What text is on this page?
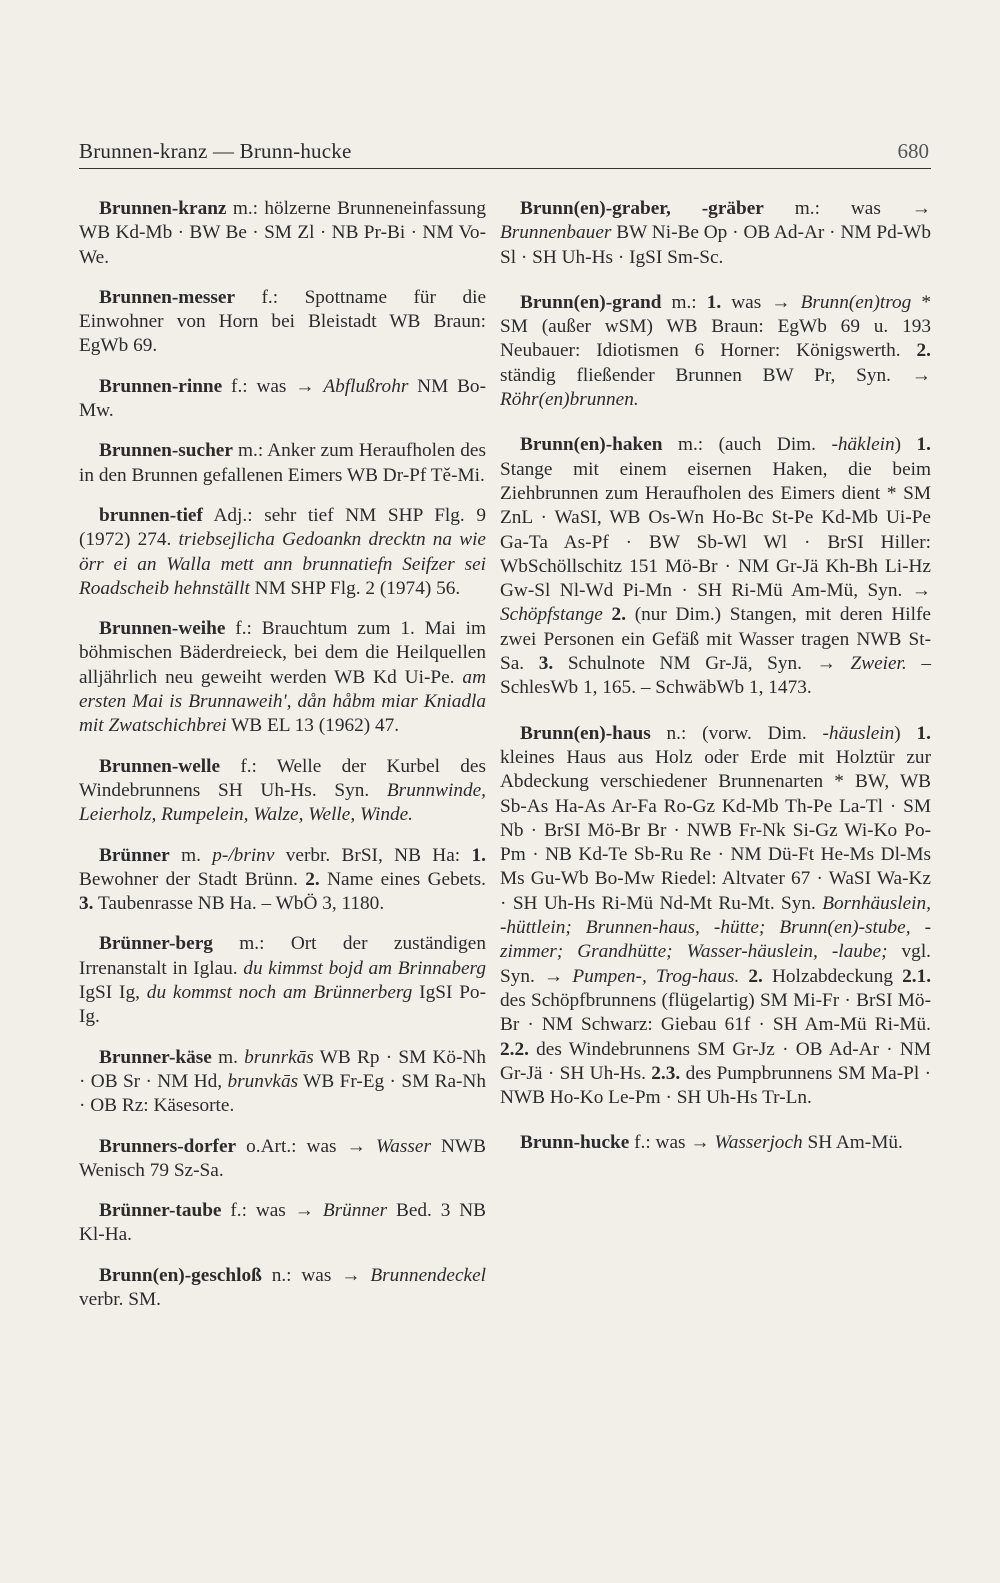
Brunnen-kranz — Brunn-hucke	680

Brunnen-kranz m.: hölzerne Brunneneinfassung WB Kd-Mb · BW Be · SM Zl · NB Pr-Bi · NM Vo-We.

Brunnen-messer f.: Spottname für die Einwohner von Horn bei Bleistadt WB Braun: EgWb 69.

Brunnen-rinne f.: was → Abflußrohr NM Bo-Mw.

Brunnen-sucher m.: Anker zum Heraufholen des in den Brunnen gefallenen Eimers WB Dr-Pf Tě-Mi.

brunnen-tief Adj.: sehr tief NM SHP Flg. 9 (1972) 274. triebsejlicha Gedoankn drecktn na wie örr ei an Walla mett ann brunnatiefn Seifzer sei Roadscheib hehnställt NM SHP Flg. 2 (1974) 56.

Brunnen-weihe f.: Brauchtum zum 1. Mai im böhmischen Bäderdreieck, bei dem die Heilquellen alljährlich neu geweiht werden WB Kd Ui-Pe. am ersten Mai is Brunnaweih', dån håbm miar Kniadla mit Zwatschichbrei WB EL 13 (1962) 47.

Brunnen-welle f.: Welle der Kurbel des Windebrunnens SH Uh-Hs. Syn. Brunnwinde, Leierholz, Rumpelein, Walze, Welle, Winde.

Brünner m. p-/brinv verbr. BrSI, NB Ha: 1. Bewohner der Stadt Brünn. 2. Name eines Gebets. 3. Taubenrasse NB Ha. – WbÖ 3, 1180.

Brünner-berg m.: Ort der zuständigen Irrenanstalt in Iglau. du kimmst bojd am Brinnaberg IgSI Ig, du kommst noch am Brünnerberg IgSI Po-Ig.

Brunner-käse m. brunrkās WB Rp · SM Kö-Nh · OB Sr · NM Hd, brunvkās WB Fr-Eg · SM Ra-Nh · OB Rz: Käsesorte.

Brunners-dorfer o.Art.: was → Wasser NWB Wenisch 79 Sz-Sa.

Brünner-taube f.: was → Brünner Bed. 3 NB Kl-Ha.

Brunn(en)-geschloß n.: was → Brunnendeckel verbr. SM.

Brunn(en)-graber, -gräber m.: was → Brunnenbauer BW Ni-Be Op · OB Ad-Ar · NM Pd-Wb Sl · SH Uh-Hs · IgSI Sm-Sc.

Brunn(en)-grand m.: 1. was → Brunn(en)trog * SM (außer wSM) WB Braun: EgWb 69 u. 193 Neubauer: Idiotismen 6 Horner: Königswerth. 2. ständig fließender Brunnen BW Pr, Syn. → Röhr(en)brunnen.

Brunn(en)-haken m.: (auch Dim. -häklein) 1. Stange mit einem eisernen Haken, die beim Ziehbrunnen zum Heraufholen des Eimers dient * SM ZnL · WaSI, WB Os-Wn Ho-Bc St-Pe Kd-Mb Ui-Pe Ga-Ta As-Pf · BW Sb-Wl Wl · BrSI Hiller: WbSchöllschitz 151 Mö-Br · NM Gr-Jä Kh-Bh Li-Hz Gw-Sl Nl-Wd Pi-Mn · SH Ri-Mü Am-Mü, Syn. → Schöpfstange 2. (nur Dim.) Stangen, mit deren Hilfe zwei Personen ein Gefäß mit Wasser tragen NWB St-Sa. 3. Schulnote NM Gr-Jä, Syn. → Zweier. – SchlesWb 1, 165. – SchwäbWb 1, 1473.

Brunn(en)-haus n.: (vorw. Dim. -häuslein) 1. kleines Haus aus Holz oder Erde mit Holztür zur Abdeckung verschiedener Brunnenarten * BW, WB Sb-As Ha-As Ar-Fa Ro-Gz Kd-Mb Th-Pe La-Tl · SM Nb · BrSI Mö-Br Br · NWB Fr-Nk Si-Gz Wi-Ko Po-Pm · NB Kd-Te Sb-Ru Re · NM Dü-Ft He-Ms Dl-Ms Ms Gu-Wb Bo-Mw Riedel: Altvater 67 · WaSI Wa-Kz · SH Uh-Hs Ri-Mü Nd-Mt Ru-Mt. Syn. Bornhäuslein, -hüttlein; Brunnen-haus, -hütte; Brunn(en)-stube, -zimmer; Grandhütte; Wasser-häuslein, -laube; vgl. Syn. → Pumpen-, Trog-haus. 2. Holzabdeckung 2.1. des Schöpfbrunnens (flügelartig) SM Mi-Fr · BrSI Mö-Br · NM Schwarz: Giebau 61f · SH Am-Mü Ri-Mü. 2.2. des Windebrunnens SM Gr-Jz · OB Ad-Ar · NM Gr-Jä · SH Uh-Hs. 2.3. des Pumpbrunnens SM Ma-Pl · NWB Ho-Ko Le-Pm · SH Uh-Hs Tr-Ln.

Brunn-hucke f.: was → Wasserjoch SH Am-Mü.
